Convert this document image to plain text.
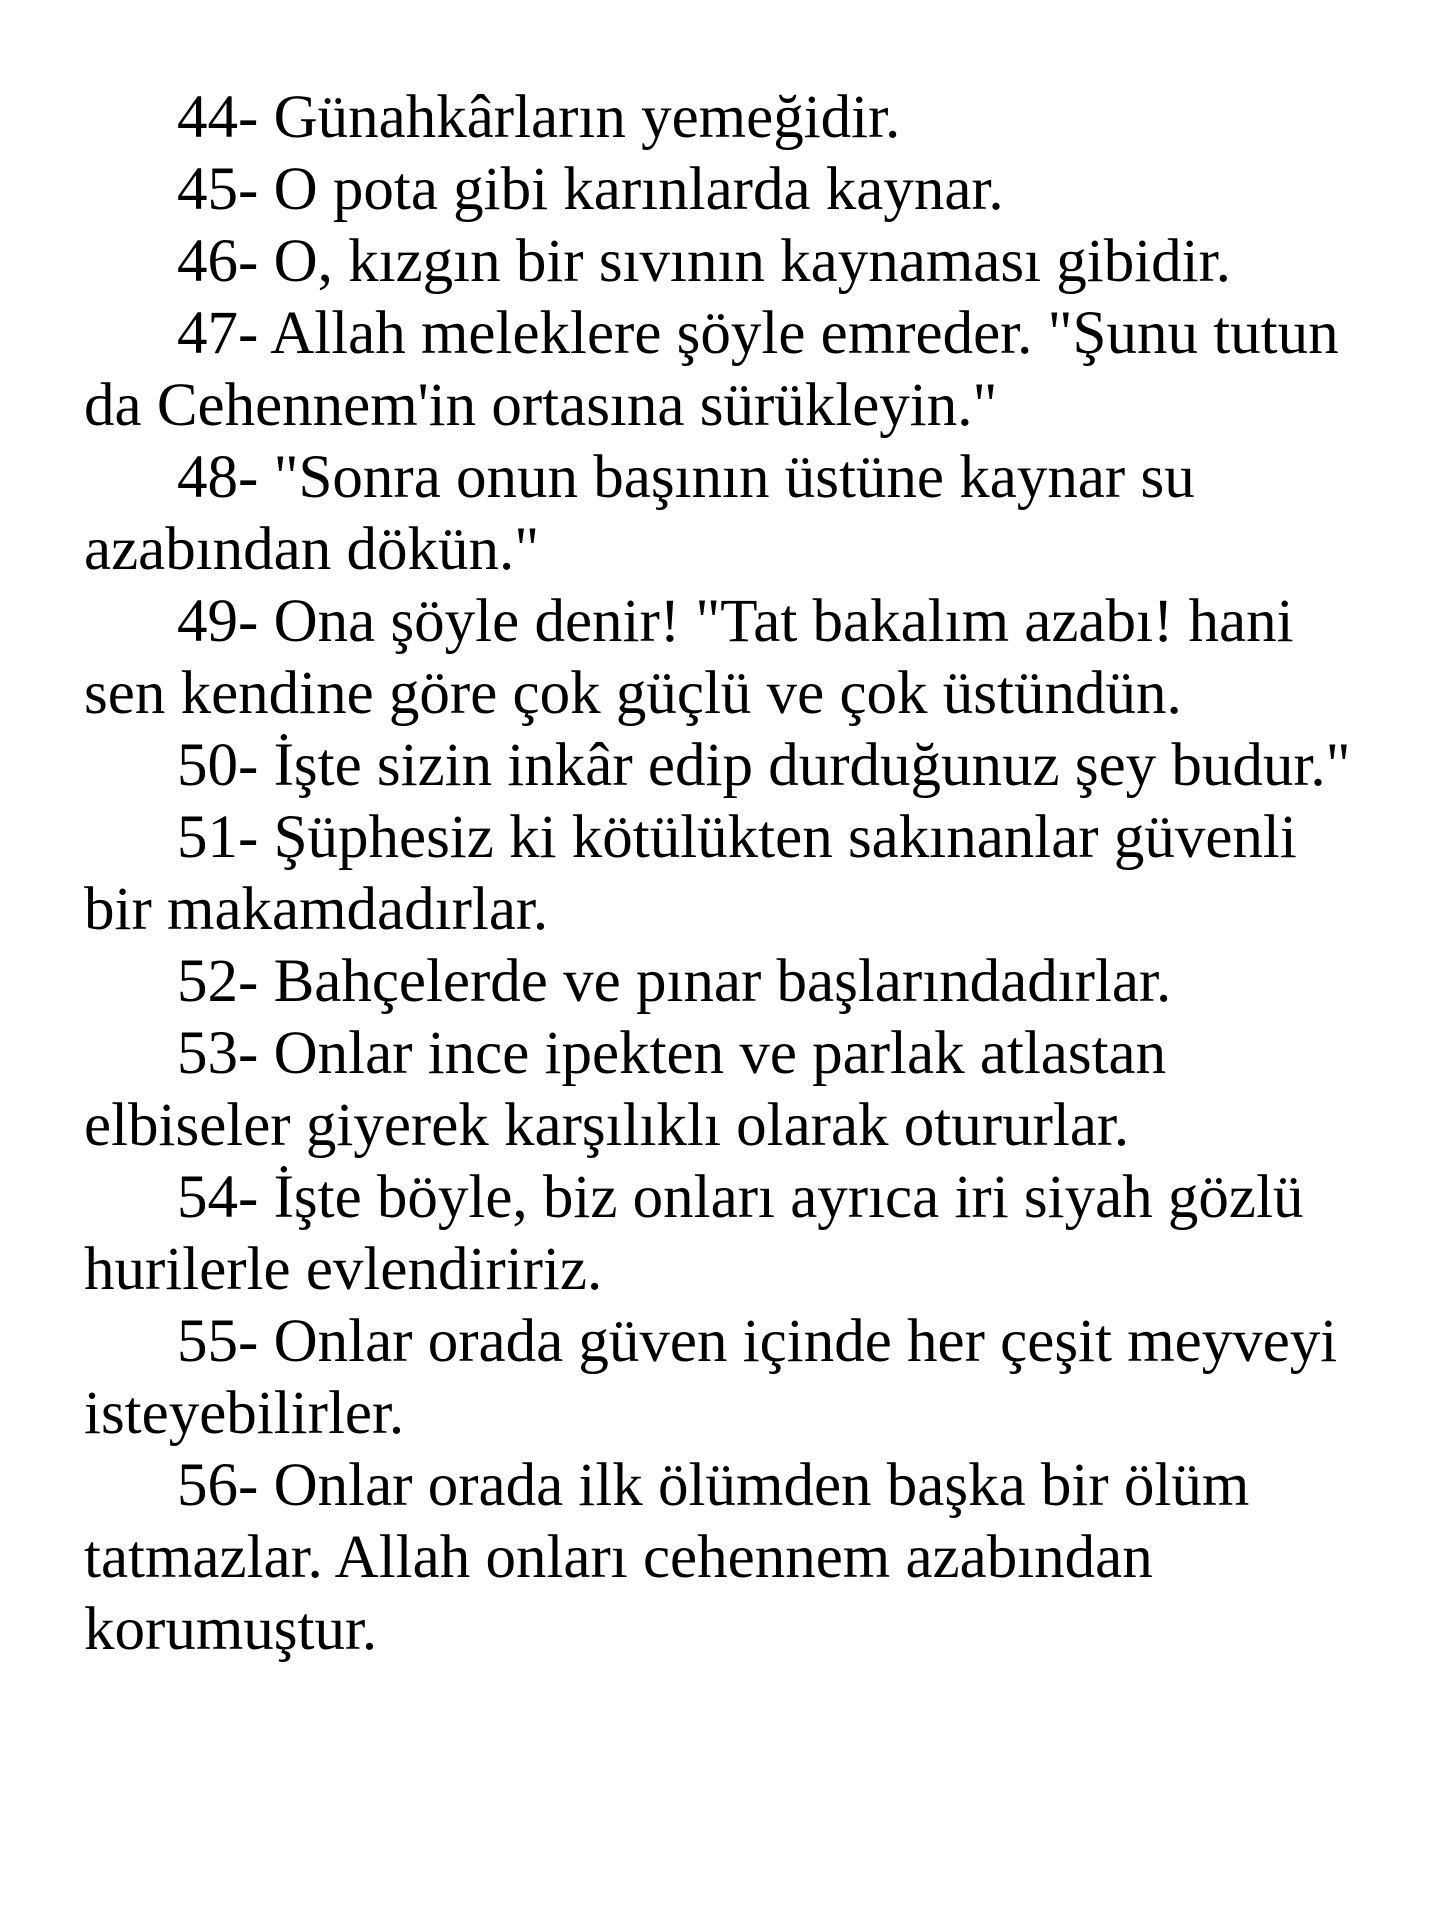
44- Günahkârların yemeğidir.

45- O pota gibi karınlarda kaynar.

46- O, kızgın bir sıvının kaynaması gibidir.

47- Allah meleklere şöyle emreder. "Şunu tutun da Cehennem'in ortasına sürükleyin."

48- "Sonra onun başının üstüne kaynar su azabından dökün."

49- Ona şöyle denir! "Tat bakalım azabı! hani sen kendine göre çok güçlü ve çok üstündün.

50- İşte sizin inkâr edip durduğunuz şey budur."

51- Şüphesiz ki kötülükten sakınanlar güvenli bir makamdadırlar.

52- Bahçelerde ve pınar başlarındadırlar.

53- Onlar ince ipekten ve parlak atlastan elbiseler giyerek karşılıklı olarak otururlar.

54- İşte böyle, biz onları ayrıca iri siyah gözlü hurilerle evlendiririz.

55- Onlar orada güven içinde her çeşit meyveyi isteyebilirler.

56- Onlar orada ilk ölümden başka bir ölüm tatmazlar. Allah onları cehennem azabından korumuştur.
